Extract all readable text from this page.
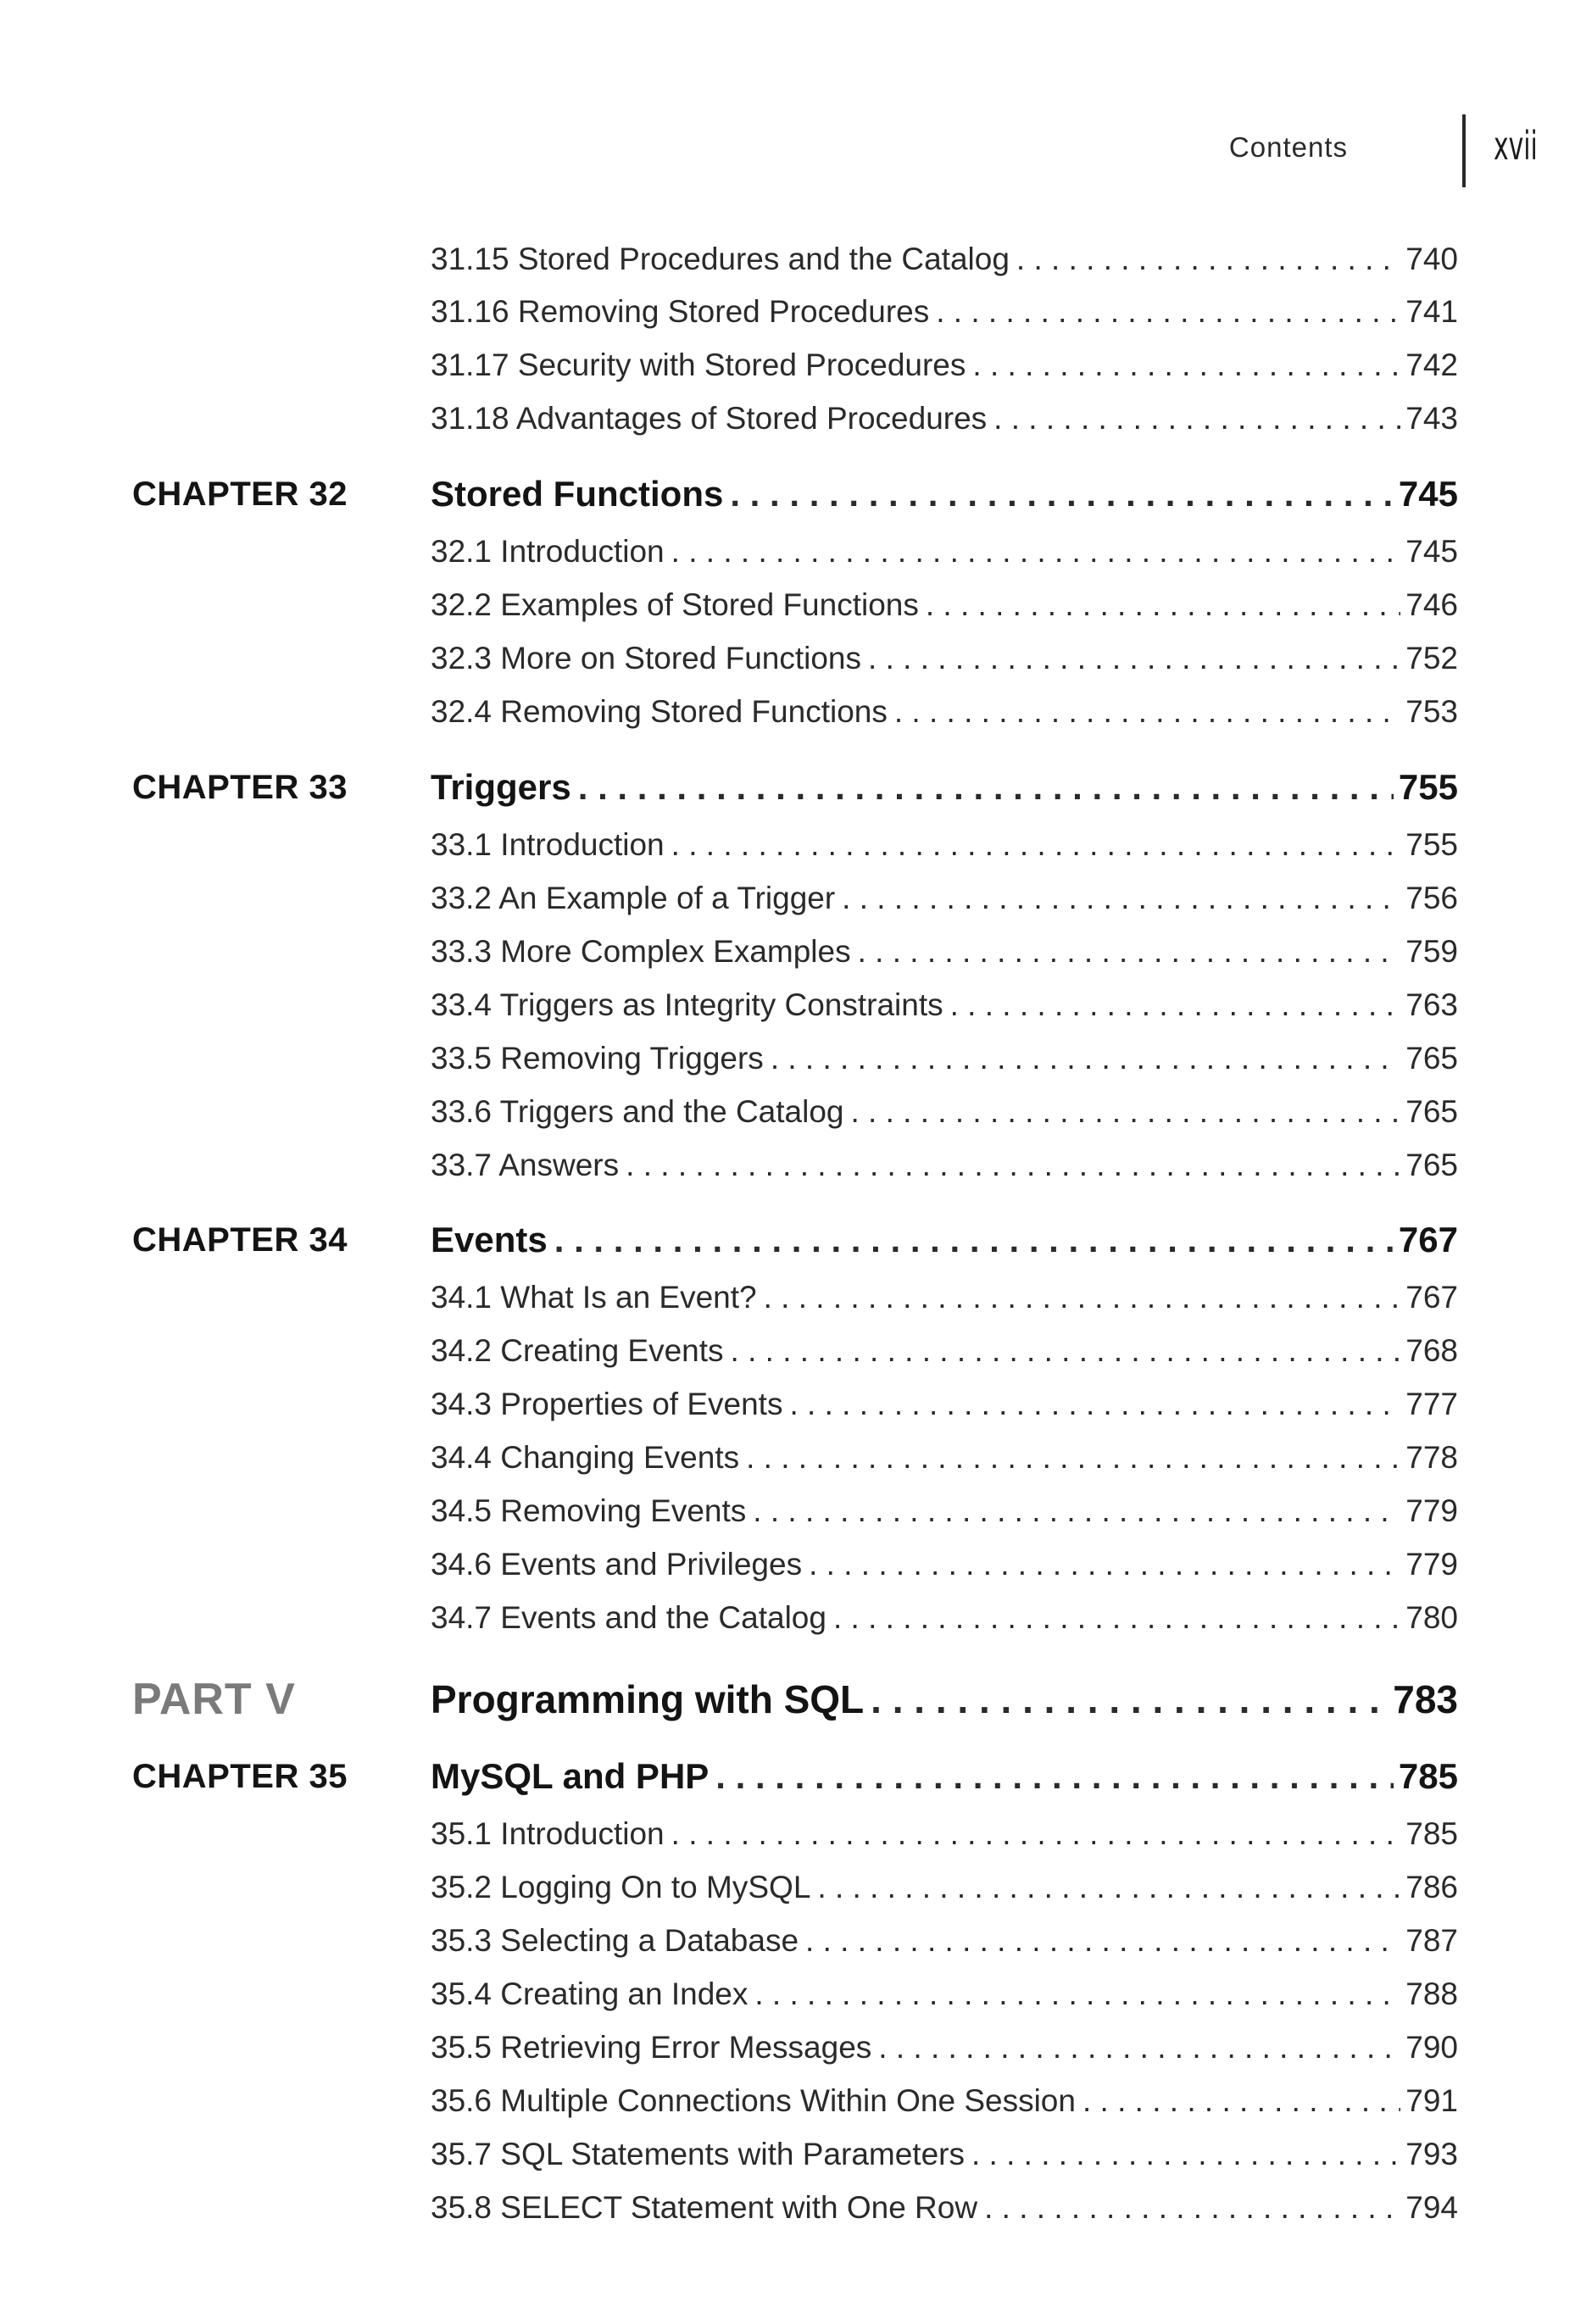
Contents	xvii
31.15 Stored Procedures and the Catalog . . .	740
31.16 Removing Stored Procedures . . .	741
31.17 Security with Stored Procedures . . .	742
31.18 Advantages of Stored Procedures . . .	743
CHAPTER 32 Stored Functions . . .	745
32.1 Introduction . . .	745
32.2 Examples of Stored Functions . . .	746
32.3 More on Stored Functions . . .	752
32.4 Removing Stored Functions . . .	753
CHAPTER 33 Triggers . . .	755
33.1 Introduction . . .	755
33.2 An Example of a Trigger . . .	756
33.3 More Complex Examples . . .	759
33.4 Triggers as Integrity Constraints . . .	763
33.5 Removing Triggers . . .	765
33.6 Triggers and the Catalog . . .	765
33.7 Answers . . .	765
CHAPTER 34 Events . . .	767
34.1 What Is an Event? . . .	767
34.2 Creating Events . . .	768
34.3 Properties of Events . . .	777
34.4 Changing Events . . .	778
34.5 Removing Events . . .	779
34.6 Events and Privileges . . .	779
34.7 Events and the Catalog . . .	780
PART V	Programming with SQL . . .	783
CHAPTER 35 MySQL and PHP . . .	785
35.1 Introduction . . .	785
35.2 Logging On to MySQL . . .	786
35.3 Selecting a Database . . .	787
35.4 Creating an Index . . .	788
35.5 Retrieving Error Messages . . .	790
35.6 Multiple Connections Within One Session . . .	791
35.7 SQL Statements with Parameters . . .	793
35.8 SELECT Statement with One Row . . .	794
